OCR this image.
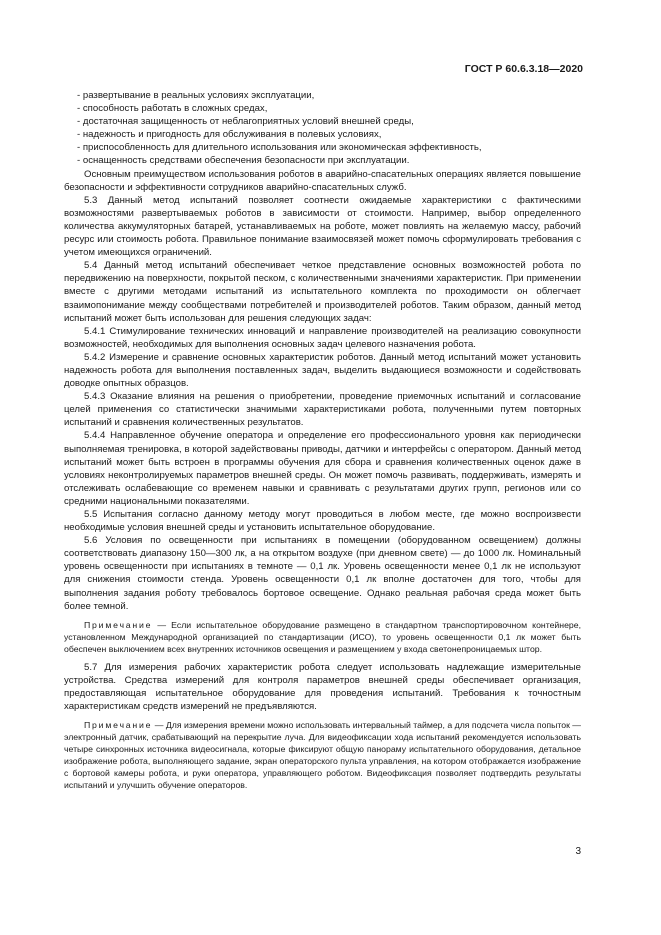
ГОСТ Р 60.6.3.18—2020
- развертывание в реальных условиях эксплуатации,
- способность работать в сложных средах,
- достаточная защищенность от неблагоприятных условий внешней среды,
- надежность и пригодность для обслуживания в полевых условиях,
- приспособленность для длительного использования или экономическая эффективность,
- оснащенность средствами обеспечения безопасности при эксплуатации.

Основным преимуществом использования роботов в аварийно-спасательных операциях является повышение безопасности и эффективности сотрудников аварийно-спасательных служб.

5.3 Данный метод испытаний позволяет соотнести ожидаемые характеристики с фактическими возможностями развертываемых роботов в зависимости от стоимости. Например, выбор определенного количества аккумуляторных батарей, устанавливаемых на роботе, может повлиять на желаемую массу, рабочий ресурс или стоимость робота. Правильное понимание взаимосвязей может помочь сформулировать требования с учетом имеющихся ограничений.

5.4 Данный метод испытаний обеспечивает четкое представление основных возможностей робота по передвижению на поверхности, покрытой песком, с количественными значениями характеристик. При применении вместе с другими методами испытаний из испытательного комплекта по проходимости он облегчает взаимопонимание между сообществами потребителей и производителей роботов. Таким образом, данный метод испытаний может быть использован для решения следующих задач:

5.4.1 Стимулирование технических инноваций и направление производителей на реализацию совокупности возможностей, необходимых для выполнения основных задач целевого назначения робота.

5.4.2 Измерение и сравнение основных характеристик роботов. Данный метод испытаний может установить надежность робота для выполнения поставленных задач, выделить выдающиеся возможности и содействовать доводке опытных образцов.

5.4.3 Оказание влияния на решения о приобретении, проведение приемочных испытаний и согласование целей применения со статистически значимыми характеристиками робота, полученными путем повторных испытаний и сравнения количественных результатов.

5.4.4 Направленное обучение оператора и определение его профессионального уровня как периодически выполняемая тренировка, в которой задействованы приводы, датчики и интерфейсы с оператором. Данный метод испытаний может быть встроен в программы обучения для сбора и сравнения количественных оценок даже в условиях неконтролируемых параметров внешней среды. Он может помочь развивать, поддерживать, измерять и отслеживать ослабевающие со временем навыки и сравнивать с результатами других групп, регионов или со средними национальными показателями.

5.5 Испытания согласно данному методу могут проводиться в любом месте, где можно воспроизвести необходимые условия внешней среды и установить испытательное оборудование.

5.6 Условия по освещенности при испытаниях в помещении (оборудованном освещением) должны соответствовать диапазону 150—300 лк, а на открытом воздухе (при дневном свете) — до 1000 лк. Номинальный уровень освещенности при испытаниях в темноте — 0,1 лк. Уровень освещенности менее 0,1 лк не используют для снижения стоимости стенда. Уровень освещенности 0,1 лк вполне достаточен для того, чтобы для выполнения задания роботу требовалось бортовое освещение. Однако реальная рабочая среда может быть более темной.

Примечание — Если испытательное оборудование размещено в стандартном транспортировочном контейнере, установленном Международной организацией по стандартизации (ИСО), то уровень освещенности 0,1 лк может быть обеспечен выключением всех внутренних источников освещения и размещением у входа светонепроницаемых штор.

5.7 Для измерения рабочих характеристик робота следует использовать надлежащие измерительные устройства. Средства измерений для контроля параметров внешней среды обеспечивает организация, предоставляющая испытательное оборудование для проведения испытаний. Требования к точностным характеристикам средств измерений не предъявляются.

Примечание — Для измерения времени можно использовать интервальный таймер, а для подсчета числа попыток — электронный датчик, срабатывающий на перекрытие луча. Для видеофиксации хода испытаний рекомендуется использовать четыре синхронных источника видеосигнала, которые фиксируют общую панораму испытательного оборудования, детальное изображение робота, выполняющего задание, экран операторского пульта управления, на котором отображается изображение с бортовой камеры робота, и руки оператора, управляющего роботом. Видеофиксация позволяет подтвердить результаты испытаний и улучшить обучение операторов.

3
